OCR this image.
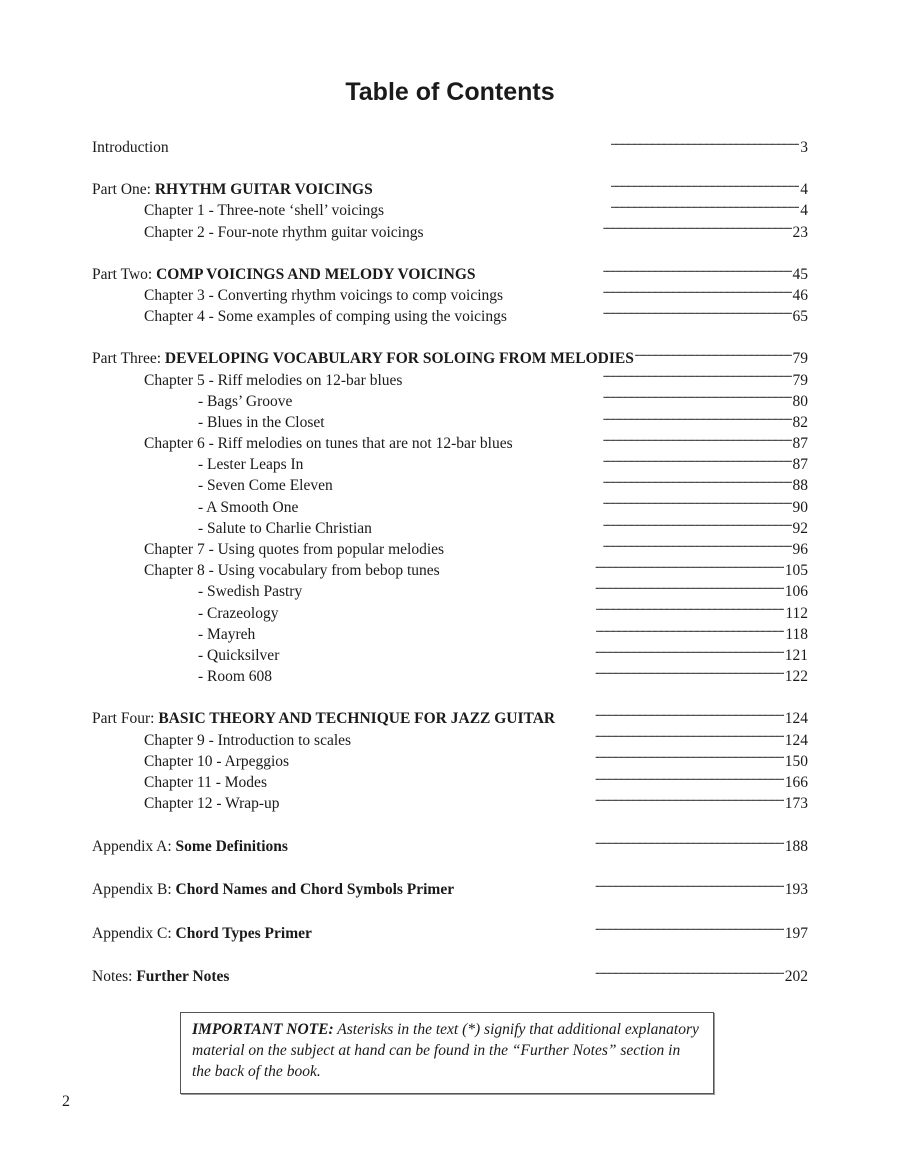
Table of Contents
Introduction . . .	3
Part One: RHYTHM GUITAR VOICINGS . . .	4
Chapter 1 - Three-note ‘shell’ voicings . . .	4
Chapter 2 - Four-note rhythm guitar voicings . . .	23
Part Two: COMP VOICINGS AND MELODY VOICINGS . . .	45
Chapter 3 - Converting rhythm voicings to comp voicings . . .	46
Chapter 4 - Some examples of comping using the voicings . . .	65
Part Three: DEVELOPING VOCABULARY FOR SOLOING FROM MELODIES . . .	79
Chapter 5 - Riff melodies on 12-bar blues . . .	79
- Bags’ Groove . . .	80
- Blues in the Closet . . .	82
Chapter 6 - Riff melodies on tunes that are not 12-bar blues . . .	87
- Lester Leaps In . . .	87
- Seven Come Eleven . . .	88
- A Smooth One . . .	90
- Salute to Charlie Christian . . .	92
Chapter 7 - Using quotes from popular melodies . . .	96
Chapter 8 - Using vocabulary from bebop tunes . . .	105
- Swedish Pastry . . .	106
- Crazeology . . .	112
- Mayreh . . .	118
- Quicksilver . . .	121
- Room 608 . . .	122
Part Four: BASIC THEORY AND TECHNIQUE FOR JAZZ GUITAR . . .	124
Chapter 9 - Introduction to scales . . .	124
Chapter 10 - Arpeggios . . .	150
Chapter 11 - Modes . . .	166
Chapter 12 - Wrap-up . . .	173
Appendix A: Some Definitions . . .	188
Appendix B: Chord Names and Chord Symbols Primer . . .	193
Appendix C: Chord Types Primer . . .	197
Notes: Further Notes . . .	202
IMPORTANT NOTE: Asterisks in the text (*) signify that additional explanatory material on the subject at hand can be found in the “Further Notes” section in the back of the book.
2
